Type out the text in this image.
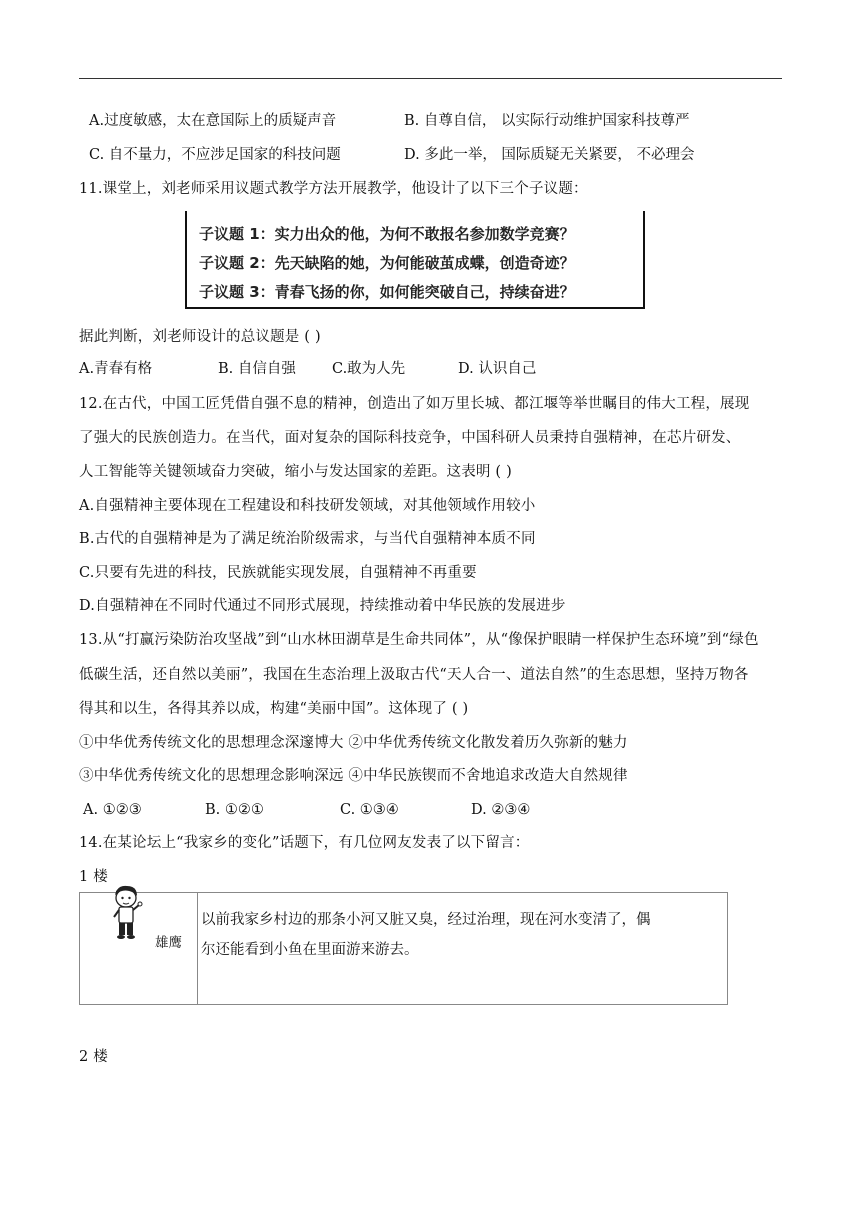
A.过度敏感，太在意国际上的质疑声音	B. 自尊自信， 以实际行动维护国家科技尊严
C. 自不量力，不应涉足国家的科技问题	D. 多此一举， 国际质疑无关紧要， 不必理会
11.课堂上，刘老师采用议题式教学方法开展教学，他设计了以下三个子议题：
子议题 1：实力出众的他，为何不敢报名参加数学竞赛？
子议题 2：先天缺陷的她，为何能破茧成蝶，创造奇迹？
子议题 3：青春飞扬的你，如何能突破自己，持续奋进？
据此判断，刘老师设计的总议题是 ( )
A.青春有格	B. 自信自强 C.敢为人先	D. 认识自己
12.在古代，中国工匠凭借自强不息的精神，创造出了如万里长城、都江堰等举世瞩目的伟大工程，展现
了强大的民族创造力。在当代，面对复杂的国际科技竞争，中国科研人员秉持自强精神，在芯片研发、
人工智能等关键领域奋力突破，缩小与发达国家的差距。这表明 ( )
A.自强精神主要体现在工程建设和科技研发领域，对其他领域作用较小
B.古代的自强精神是为了满足统治阶级需求，与当代自强精神本质不同
C.只要有先进的科技，民族就能实现发展，自强精神不再重要
D.自强精神在不同时代通过不同形式展现，持续推动着中华民族的发展进步
13.从“打赢污染防治攻坚战”到“山水林田湖草是生命共同体”，从“像保护眼睛一样保护生态环境”到“绿色
低碳生活，还自然以美丽”，我国在生态治理上汲取古代“天人合一、道法自然”的生态思想，坚持万物各
得其和以生，各得其养以成，构建“美丽中国”。这体现了 ( )
①中华优秀传统文化的思想理念深邃博大 ②中华优秀传统文化散发着历久弥新的魅力
③中华优秀传统文化的思想理念影响深远 ④中华民族锲而不舍地追求改造大自然规律
A. ①②③	B. ①②①	C. ①③④	D. ②③④
14.在某论坛上“我家乡的变化”话题下，有几位网友发表了以下留言：
1 楼
雄鹰
以前我家乡村边的那条小河又脏又臭，经过治理，现在河水变清了，偶
尔还能看到小鱼在里面游来游去。
2 楼
